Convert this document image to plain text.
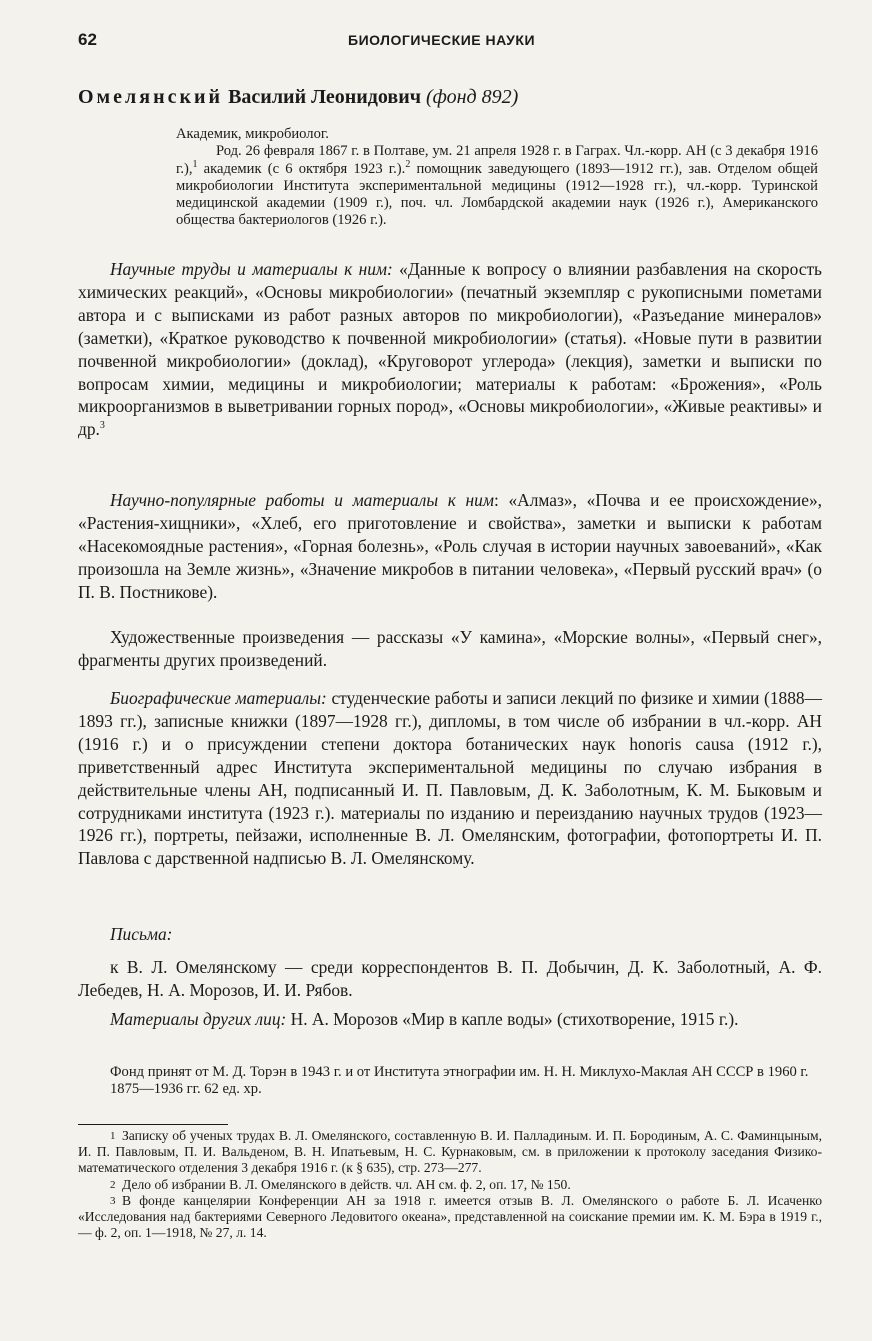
62	БИОЛОГИЧЕСКИЕ НАУКИ
Омелянский Василий Леонидович (фонд 892)

Академик, микробиолог.

Род. 26 февраля 1867 г. в Полтаве, ум. 21 апреля 1928 г. в Гаграх. Чл.-корр. АН (с 3 декабря 1916 г.),$^1$ академик (с 6 октября 1923 г.).$^2$ помощник заведующего (1893—1912 гг.), зав. Отделом общей микробиологии Института экспериментальной медицины (1912—1928 гг.), чл.-корр. Туринской медицинской академии (1909 г.), поч. чл. Ломбардской академии наук (1926 г.), Американского общества бактериологов (1926 г.).

Научные труды и материалы к ним: «Данные к вопросу о влиянии разбавления на скорость химических реакций», «Основы микробиологии» (печатный экземпляр с рукописными пометами автора и с выписками из работ разных авторов по микробиологии), «Разъедание минералов» (заметки), «Краткое руководство к почвенной микробиологии» (статья). «Новые пути в развитии почвенной микробиологии» (доклад), «Круговорот углерода» (лекция), заметки и выписки по вопросам химии, медицины и микробиологии; материалы к работам: «Брожения», «Роль микроорганизмов в выветривании горных пород», «Основы микробиологии», «Живые реактивы» и др.$^3$

Научно-популярные работы и материалы к ним: «Алмаз», «Почва и ее происхождение», «Растения-хищники», «Хлеб, его приготовление и свойства», заметки и выписки к работам «Насекомоядные растения», «Горная болезнь», «Роль случая в истории научных завоеваний», «Как произошла на Земле жизнь», «Значение микробов в питании человека», «Первый русский врач» (о П. В. Постникове).

Художественные произведения — рассказы «У камина», «Морские волны», «Первый снег», фрагменты других произведений.

Биографические материалы: студенческие работы и записи лекций по физике и химии (1888—1893 гг.), записные книжки (1897—1928 гг.), дипломы, в том числе об избрании в чл.-корр. АН (1916 г.) и о присуждении степени доктора ботанических наук honoris causa (1912 г.), приветственный адрес Института экспериментальной медицины по случаю избрания в действительные члены АН, подписанный И. П. Павловым, Д. К. Заболотным, К. М. Быковым и сотрудниками института (1923 г.). материалы по изданию и переизданию научных трудов (1923—1926 гг.), портреты, пейзажи, исполненные В. Л. Омелянским, фотографии, фотопортреты И. П. Павлова с дарственной надписью В. Л. Омелянскому.

Письма:

к В. Л. Омелянскому — среди корреспондентов В. П. Добычин, Д. К. Заболотный, А. Ф. Лебедев, Н. А. Морозов, И. И. Рябов.

Материалы других лиц: Н. А. Морозов «Мир в капле воды» (стихотворение, 1915 г.).

Фонд принят от М. Д. Торэн в 1943 г. и от Института этнографии им. Н. Н. Миклухо-Маклая АН СССР в 1960 г.
1875—1936 гг. 62 ед. хр.

1 Записку об ученых трудах В. Л. Омелянского, составленную В. И. Палладиным. И. П. Бородиным, А. С. Фаминцыным, И. П. Павловым, П. И. Вальденом, В. Н. Ипатьевым, Н. С. Курнаковым, см. в приложении к протоколу заседания Физико-математического отделения 3 декабря 1916 г. (к § 635), стр. 273—277.

2 Дело об избрании В. Л. Омелянского в действ. чл. АН см. ф. 2, оп. 17, № 150.

3 В фонде канцелярии Конференции АН за 1918 г. имеется отзыв В. Л. Омелянского о работе Б. Л. Исаченко «Исследования над бактериями Северного Ледовитого океана», представленной на соискание премии им. К. М. Бэра в 1919 г., — ф. 2, оп. 1—1918, № 27, л. 14.
